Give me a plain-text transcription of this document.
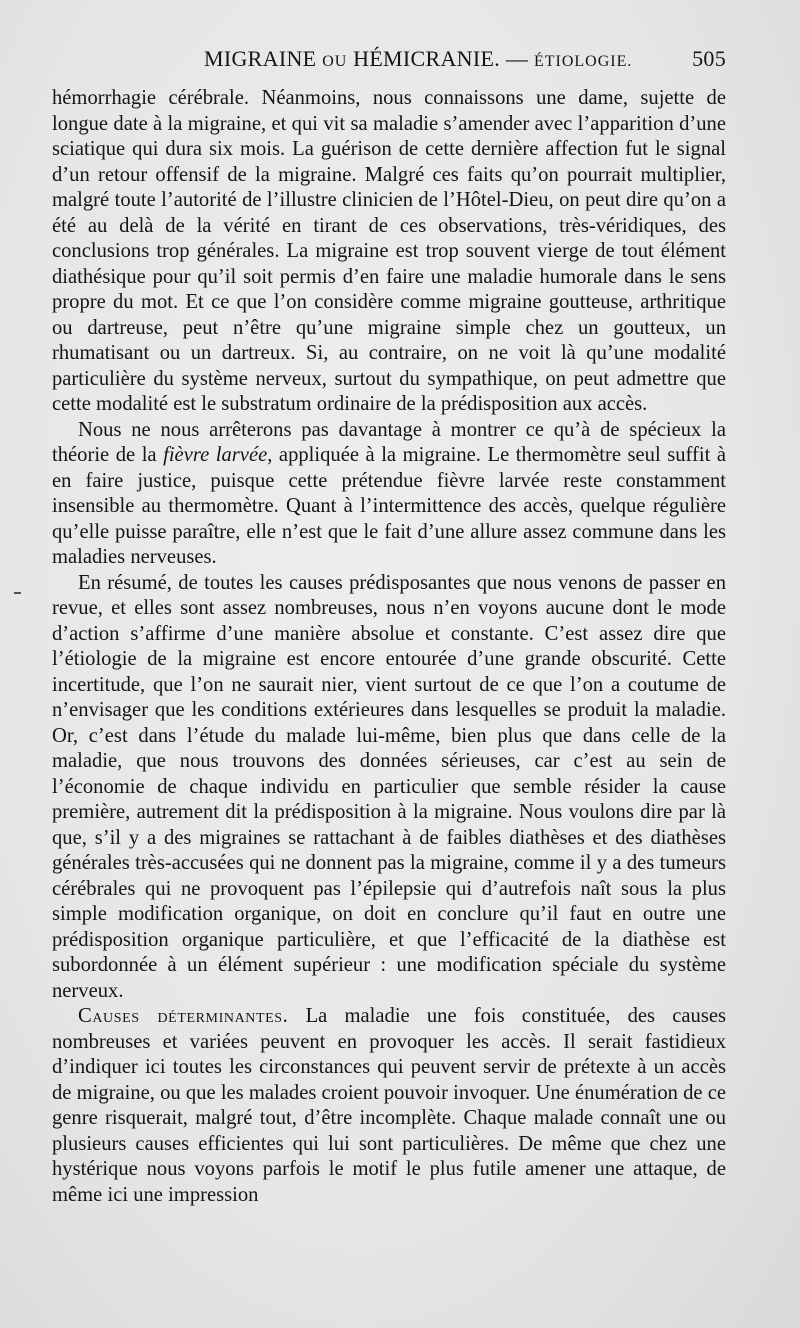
MIGRAINE OU HÉMICRANIE. — ÉTIOLOGIE.	505

hémorrhagie cérébrale. Néanmoins, nous connaissons une dame, sujette de longue date à la migraine, et qui vit sa maladie s’amender avec l’apparition d’une sciatique qui dura six mois. La guérison de cette dernière affection fut le signal d’un retour offensif de la migraine. Malgré ces faits qu’on pourrait multiplier, malgré toute l’autorité de l’illustre clinicien de l’Hôtel-Dieu, on peut dire qu’on a été au delà de la vérité en tirant de ces observations, très-véridiques, des conclusions trop générales. La migraine est trop souvent vierge de tout élément diathésique pour qu’il soit permis d’en faire une maladie humorale dans le sens propre du mot. Et ce que l’on considère comme migraine goutteuse, arthritique ou dartreuse, peut n’être qu’une migraine simple chez un goutteux, un rhumatisant ou un dartreux. Si, au contraire, on ne voit là qu’une modalité particulière du système nerveux, surtout du sympathique, on peut admettre que cette modalité est le substratum ordinaire de la prédisposition aux accès.

Nous ne nous arrêterons pas davantage à montrer ce qu’à de spécieux la théorie de la fièvre larvée, appliquée à la migraine. Le thermomètre seul suffit à en faire justice, puisque cette prétendue fièvre larvée reste constamment insensible au thermomètre. Quant à l’intermittence des accès, quelque régulière qu’elle puisse paraître, elle n’est que le fait d’une allure assez commune dans les maladies nerveuses.

En résumé, de toutes les causes prédisposantes que nous venons de passer en revue, et elles sont assez nombreuses, nous n’en voyons aucune dont le mode d’action s’affirme d’une manière absolue et constante. C’est assez dire que l’étiologie de la migraine est encore entourée d’une grande obscurité. Cette incertitude, que l’on ne saurait nier, vient surtout de ce que l’on a coutume de n’envisager que les conditions extérieures dans lesquelles se produit la maladie. Or, c’est dans l’étude du malade lui-même, bien plus que dans celle de la maladie, que nous trouvons des données sérieuses, car c’est au sein de l’économie de chaque individu en particulier que semble résider la cause première, autrement dit la prédisposition à la migraine. Nous voulons dire par là que, s’il y a des migraines se rattachant à de faibles diathèses et des diathèses générales très-accusées qui ne donnent pas la migraine, comme il y a des tumeurs cérébrales qui ne provoquent pas l’épilepsie qui d’autrefois naît sous la plus simple modification organique, on doit en conclure qu’il faut en outre une prédisposition organique particulière, et que l’efficacité de la diathèse est subordonnée à un élément supérieur : une modification spéciale du système nerveux.

Causes déterminantes. La maladie une fois constituée, des causes nombreuses et variées peuvent en provoquer les accès. Il serait fastidieux d’indiquer ici toutes les circonstances qui peuvent servir de prétexte à un accès de migraine, ou que les malades croient pouvoir invoquer. Une énumération de ce genre risquerait, malgré tout, d’être incomplète. Chaque malade connaît une ou plusieurs causes efficientes qui lui sont particulières. De même que chez une hystérique nous voyons parfois le motif le plus futile amener une attaque, de même ici une impression
